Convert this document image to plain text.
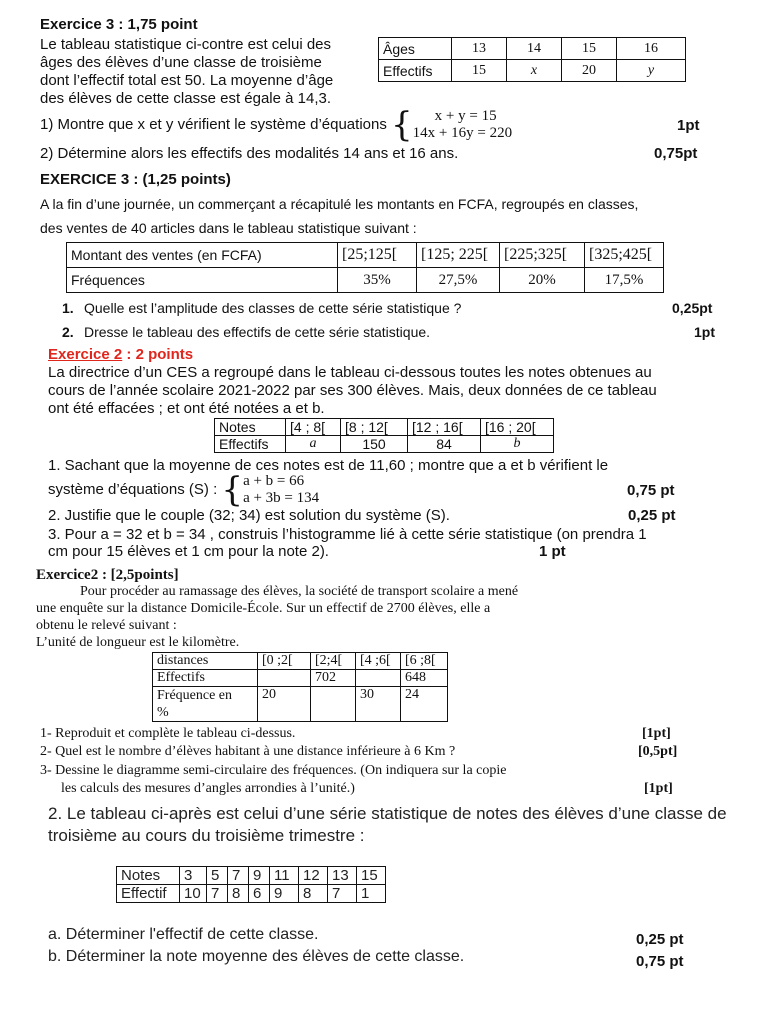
Exercice 3 : 1,75 point
Le tableau statistique ci-contre est celui des
âges des élèves d’une classe de troisième
dont l’effectif total est 50. La moyenne d’âge
des élèves de cette classe est égale à 14,3.
Âges	13	14	15	16
Effectifs	15	x	20	y
1) Montre que x et y vérifient le système d’équations { x + y = 15
14x + 16y = 220	1pt
2) Détermine alors les effectifs des modalités 14 ans et 16 ans.	0,75pt
EXERCICE 3 : (1,25 points)
A la fin d’une journée, un commerçant a récapitulé les montants en FCFA, regroupés en classes,
des ventes de 40 articles dans le tableau statistique suivant :
Montant des ventes (en FCFA)	[25;125[	[125; 225[	[225;325[	[325;425[
Fréquences	35%	27,5%	20%	17,5%
1. Quelle est l’amplitude des classes de cette série statistique ?	0,25pt
2. Dresse le tableau des effectifs de cette série statistique.	1pt
Exercice 2 : 2 points
La directrice d’un CES a regroupé dans le tableau ci-dessous toutes les notes obtenues au
cours de l’année scolaire 2021-2022 par ses 300 élèves. Mais, deux données de ce tableau
ont été effacées ; et ont été notées a et b.
Notes	[4 ; 8[	[8 ; 12[	[12 ; 16[	[16 ; 20[
Effectifs	a	150	84	b
1. Sachant que la moyenne de ces notes est de 11,60 ; montre que a et b vérifient le
système d’équations (S) : {a + b = 66
a + 3b = 134	0,75 pt
2. Justifie que le couple (32; 34) est solution du système (S).	0,25 pt
3. Pour a = 32 et b = 34 , construis l’histogramme lié à cette série statistique (on prendra 1
cm pour 15 élèves et 1 cm pour la note 2).	1 pt
Exercice2 : [2,5points]
Pour procéder au ramassage des élèves, la société de transport scolaire a mené
une enquête sur la distance Domicile-École. Sur un effectif de 2700 élèves, elle a
obtenu le relevé suivant :
L’unité de longueur est le kilomètre.
distances	[0 ;2[	[2;4[	[4 ;6[	[6 ;8[
Effectifs		702		648
Fréquence en
%	20		30	24
1- Reproduit et complète le tableau ci-dessus.	[1pt]
2- Quel est le nombre d’élèves habitant à une distance inférieure à 6 Km ?	[0,5pt]
3- Dessine le diagramme semi-circulaire des fréquences. (On indiquera sur la copie
les calculs des mesures d’angles arrondies à l’unité.)	[1pt]
2. Le tableau ci-après est celui d’une série statistique de notes des élèves d’une classe de
troisième au cours du troisième trimestre :
Notes	3	5	7	9	11	12	13	15
Effectif	10	7	8	6	9	8	7	1
a. Déterminer l'effectif de cette classe.	0,25 pt
b. Déterminer la note moyenne des élèves de cette classe.	0,75 pt
